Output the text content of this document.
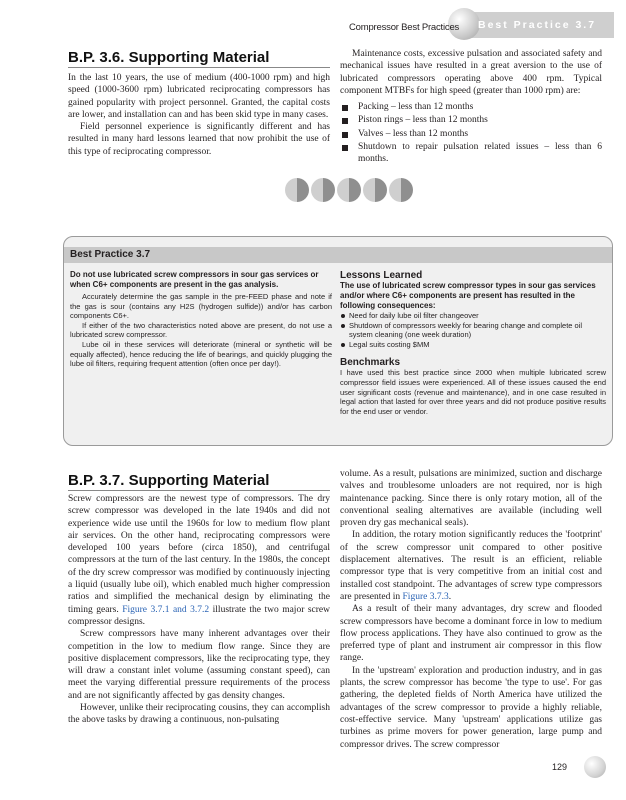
Compressor Best Practices Best Practice 3.7
B.P. 3.6. Supporting Material

In the last 10 years, the use of medium (400-1000 rpm) and high speed (1000-3600 rpm) lubricated reciprocating compressors has gained popularity with project personnel. Granted, the capital costs are lower, and installation can and has been skid type in many cases.

Field personnel experience is significantly different and has resulted in many hard lessons learned that now prohibit the use of this type of reciprocating compressor.

Maintenance costs, excessive pulsation and associated safety and mechanical issues have resulted in a great aversion to the use of lubricated compressors operating above 400 rpm. Typical component MTBFs for high speed (greater than 1000 rpm) are:

Packing – less than 12 months
Piston rings – less than 12 months
Valves – less than 12 months
Shutdown to repair pulsation related issues – less than 6 months.
Best Practice 3.7

Do not use lubricated screw compressors in sour gas services or when C6+ components are present in the gas analysis.

Accurately determine the gas sample in the pre-FEED phase and note if the gas is sour (contains any H2S (hydrogen sulfide)) and/or has carbon components C6+.

If either of the two characteristics noted above are present, do not use a lubricated screw compressor.

Lube oil in these services will deteriorate (mineral or synthetic will be equally affected), hence reducing the life of bearings, and quickly plugging the lube oil filters, requiring frequent attention (often once per day!).

Lessons Learned

The use of lubricated screw compressor types in sour gas services and/or where C6+ components are present has resulted in the following consequences:

Need for daily lube oil filter changeover
Shutdown of compressors weekly for bearing change and complete oil system cleaning (one week duration)
Legal suits costing $MM

Benchmarks

I have used this best practice since 2000 when multiple lubricated screw compressor field issues were experienced. All of these issues caused the end user significant costs (revenue and maintenance), and in one case resulted in legal action that lasted for over three years and did not produce positive results for the end user or vendor.

B.P. 3.7. Supporting Material

Screw compressors are the newest type of compressors. The dry screw compressor was developed in the late 1940s and did not experience wide use until the 1960s for low to medium flow plant air services. On the other hand, reciprocating compressors were developed 100 years before (circa 1850), and centrifugal compressors at the turn of the last century. In the 1980s, the concept of the dry screw compressor was modified by continuously injecting a liquid (usually lube oil), which enabled much higher compression ratios and simplified the mechanical design by eliminating the timing gears. Figure 3.7.1 and 3.7.2 illustrate the two major screw compressor designs.

Screw compressors have many inherent advantages over their competition in the low to medium flow range. Since they are positive displacement compressors, like the reciprocating type, they will draw a constant inlet volume (assuming constant speed), can meet the varying differential pressure requirements of the process and are not significantly affected by gas density changes.

However, unlike their reciprocating cousins, they can accomplish the above tasks by drawing a continuous, non-pulsating

volume. As a result, pulsations are minimized, suction and discharge valves and troublesome unloaders are not required, nor is high maintenance packing. Since there is only rotary motion, all of the conventional sealing alternatives are available (including well proven dry gas mechanical seals).

In addition, the rotary motion significantly reduces the 'footprint' of the screw compressor unit compared to other positive displacement alternatives. The result is an efficient, reliable compressor type that is very competitive from an initial cost and installed cost standpoint. The advantages of screw type compressors are presented in Figure 3.7.3.

As a result of their many advantages, dry screw and flooded screw compressors have become a dominant force in low to medium flow process applications. They have also continued to grow as the preferred type of plant and instrument air compressor in this flow range.

In the 'upstream' exploration and production industry, and in gas plants, the screw compressor has become 'the type to use'. For gas gathering, the depleted fields of North America have utilized the advantages of the screw compressor to provide a highly reliable, cost-effective service. Many 'upstream' applications utilize gas turbines as prime movers for power generation, large pump and compressor drives. The screw compressor

129
